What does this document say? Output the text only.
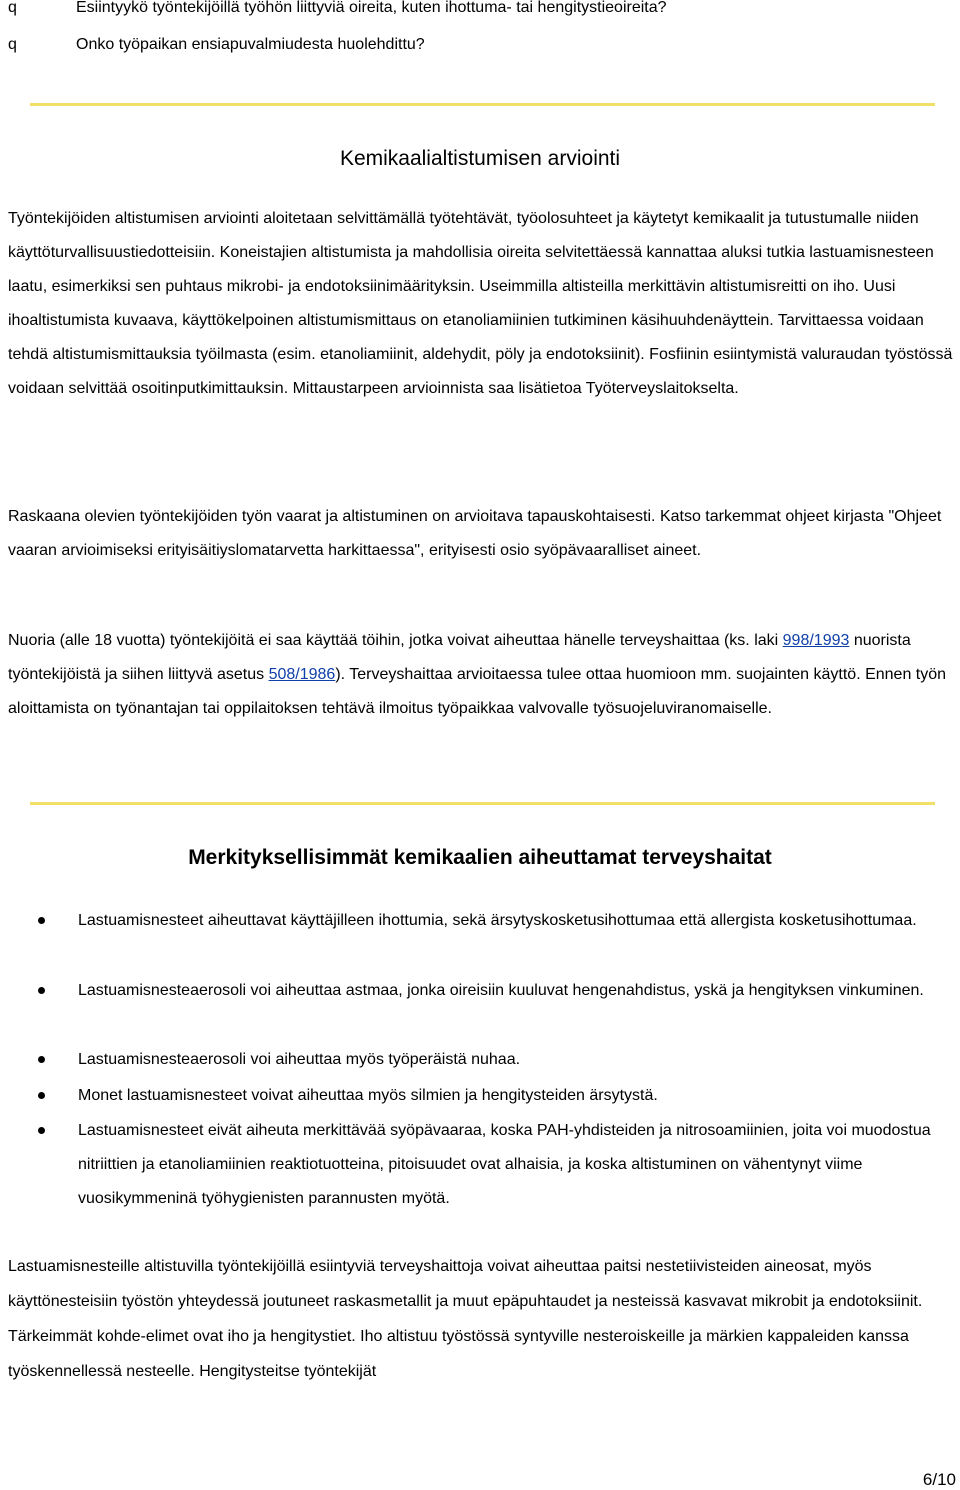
q	Esiintyykö työntekijöillä työhön liittyviä oireita, kuten ihottuma- tai hengitystieoireita?
q	Onko työpaikan ensiapuvalmiudesta huolehdittu?
Kemikaalialtistumisen arviointi
Työntekijöiden altistumisen arviointi aloitetaan selvittämällä työtehtävät, työolosuhteet ja käytetyt kemikaalit ja tutustumalle niiden käyttöturvallisuustiedotteisiin. Koneistajien altistumista ja mahdollisia oireita selvitettäessä kannattaa aluksi tutkia lastuamisnesteen laatu, esimerkiksi sen puhtaus mikrobi- ja endotoksiinimäärityksin. Useimmilla altisteilla merkittävin altistumisreitti on iho. Uusi ihoaltistumista kuvaava, käyttökelpoinen altistumismittaus on etanoliamiinien tutkiminen käsihuuhdenäyttein. Tarvittaessa voidaan tehdä altistumismittauksia työilmasta (esim. etanoliamiinit, aldehydit, pöly ja endotoksiinit). Fosfiinin esiintymistä valuraudan työstössä voidaan selvittää osoitinputkimittauksin. Mittaustarpeen arvioinnista saa lisätietoa Työterveyslaitokselta.
Raskaana olevien työntekijöiden työn vaarat ja altistuminen on arvioitava tapauskohtaisesti. Katso tarkemmat ohjeet kirjasta "Ohjeet vaaran arvioimiseksi erityisäitiyslomatarvetta harkittaessa", erityisesti osio syöpävaaralliset aineet.
Nuoria (alle 18 vuotta) työntekijöitä ei saa käyttää töihin, jotka voivat aiheuttaa hänelle terveyshaittaa (ks. laki 998/1993 nuorista työntekijöistä ja siihen liittyvä asetus 508/1986). Terveyshaittaa arvioitaessa tulee ottaa huomioon mm. suojainten käyttö. Ennen työn aloittamista on työnantajan tai oppilaitoksen tehtävä ilmoitus työpaikkaa valvovalle työsuojeluviranomaiselle.
Merkityksellisimmät kemikaalien aiheuttamat terveyshaitat
Lastuamisnesteet aiheuttavat käyttäjilleen ihottumia, sekä ärsytyskosketusihottumaa että allergista kosketusihottumaa.
Lastuamisnesteaerosoli voi aiheuttaa astmaa, jonka oireisiin kuuluvat hengenahdistus, yskä ja hengityksen vinkuminen.
Lastuamisnesteaerosoli voi aiheuttaa myös työperäistä nuhaa.
Monet lastuamisnesteet voivat aiheuttaa myös silmien ja hengitysteiden ärsytystä.
Lastuamisnesteet eivät aiheuta merkittävää syöpävaaraa, koska PAH-yhdisteiden ja nitrosoamiinien, joita voi muodostua nitriittien ja etanoliamiinien reaktiotuotteina, pitoisuudet ovat alhaisia, ja koska altistuminen on vähentynyt viime vuosikymmeninä työhygienisten parannusten myötä.
Lastuamisnesteille altistuvilla työntekijöillä esiintyviä terveyshaittoja voivat aiheuttaa paitsi nestetiivisteiden aineosat, myös käyttönesteisiin työstön yhteydessä joutuneet raskasmetallit ja muut epäpuhtaudet ja nesteissä kasvavat mikrobit ja endotoksiinit. Tärkeimmät kohde-elimet ovat iho ja hengitystiet. Iho altistuu työstössä syntyville nesteroiskeille ja märkien kappaleiden kanssa työskennellessä nesteelle. Hengitysteitse työntekijät
6/10
